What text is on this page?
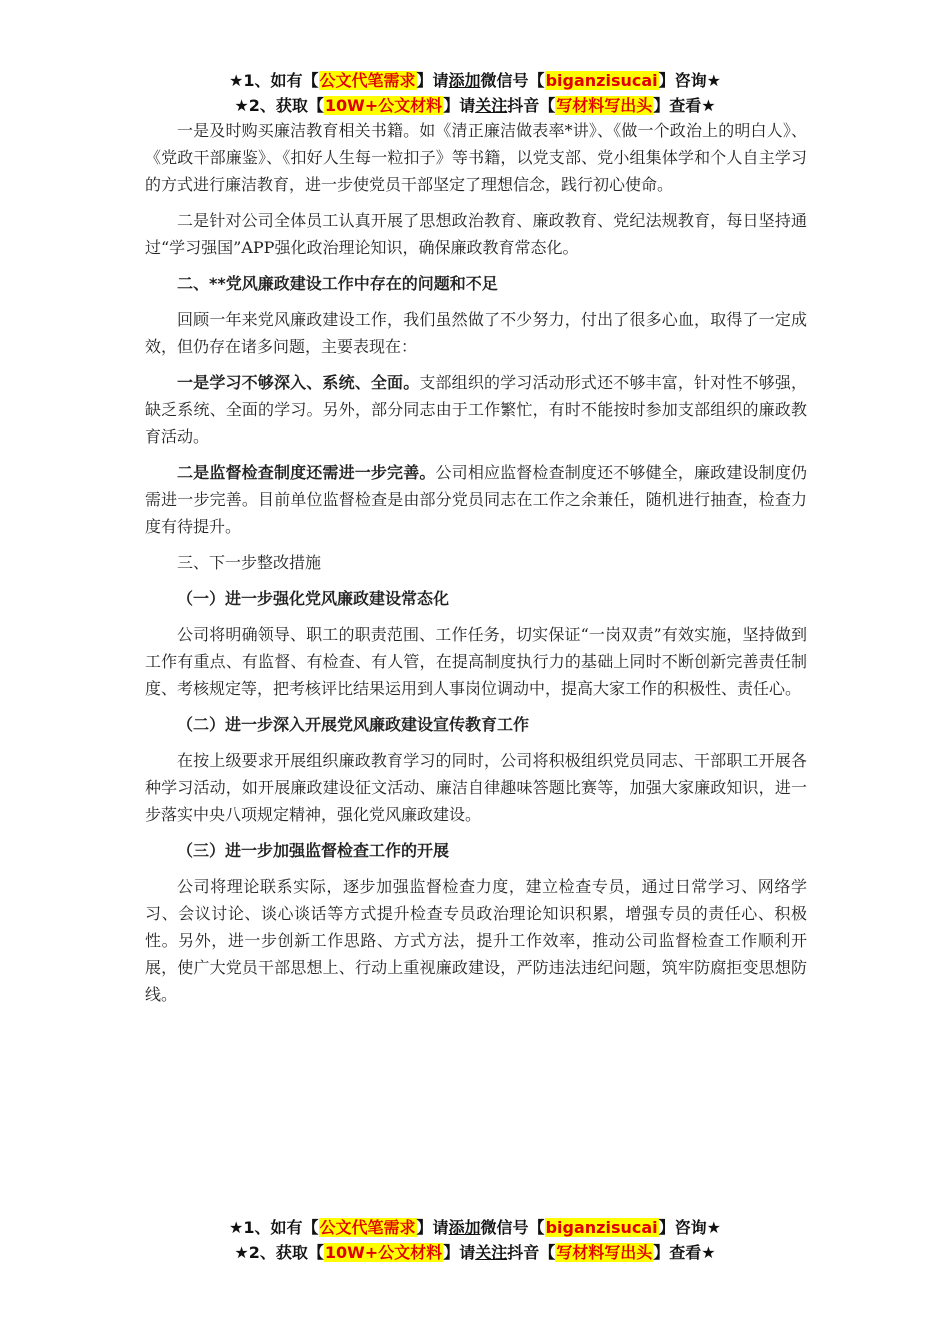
★1、如有【公文代笔需求】请添加微信号【biganzisucai】咨询★
★2、获取【10W+公文材料】请关注抖音【写材料写出头】查看★

一是及时购买廉洁教育相关书籍。如《清正廉洁做表率*讲》、《做一个政治上的明白人》、《党政干部廉鉴》、《扣好人生每一粒扣子》等书籍，以党支部、党小组集体学和个人自主学习的方式进行廉洁教育，进一步使党员干部坚定了理想信念，践行初心使命。

二是针对公司全体员工认真开展了思想政治教育、廉政教育、党纪法规教育，每日坚持通过“学习强国”APP强化政治理论知识，确保廉政教育常态化。

二、**党风廉政建设工作中存在的问题和不足

回顾一年来党风廉政建设工作，我们虽然做了不少努力，付出了很多心血，取得了一定成效，但仍存在诸多问题，主要表现在：

一是学习不够深入、系统、全面。支部组织的学习活动形式还不够丰富，针对性不够强，缺乏系统、全面的学习。另外，部分同志由于工作繁忙，有时不能按时参加支部组织的廉政教育活动。

二是监督检查制度还需进一步完善。公司相应监督检查制度还不够健全，廉政建设制度仍需进一步完善。目前单位监督检查是由部分党员同志在工作之余兼任，随机进行抽查，检查力度有待提升。

三、下一步整改措施

（一）进一步强化党风廉政建设常态化

公司将明确领导、职工的职责范围、工作任务，切实保证“一岗双责”有效实施，坚持做到工作有重点、有监督、有检查、有人管，在提高制度执行力的基础上同时不断创新完善责任制度、考核规定等，把考核评比结果运用到人事岗位调动中，提高大家工作的积极性、责任心。

（二）进一步深入开展党风廉政建设宣传教育工作

在按上级要求开展组织廉政教育学习的同时，公司将积极组织党员同志、干部职工开展各种学习活动，如开展廉政建设征文活动、廉洁自律趣味答题比赛等，加强大家廉政知识，进一步落实中央八项规定精神，强化党风廉政建设。

（三）进一步加强监督检查工作的开展

公司将理论联系实际，逐步加强监督检查力度，建立检查专员，通过日常学习、网络学习、会议讨论、谈心谈话等方式提升检查专员政治理论知识积累，增强专员的责任心、积极性。另外，进一步创新工作思路、方式方法，提升工作效率，推动公司监督检查工作顺利开展，使广大党员干部思想上、行动上重视廉政建设，严防违法违纪问题，筑牢防腐拒变思想防线。

★1、如有【公文代笔需求】请添加微信号【biganzisucai】咨询★
★2、获取【10W+公文材料】请关注抖音【写材料写出头】查看★
